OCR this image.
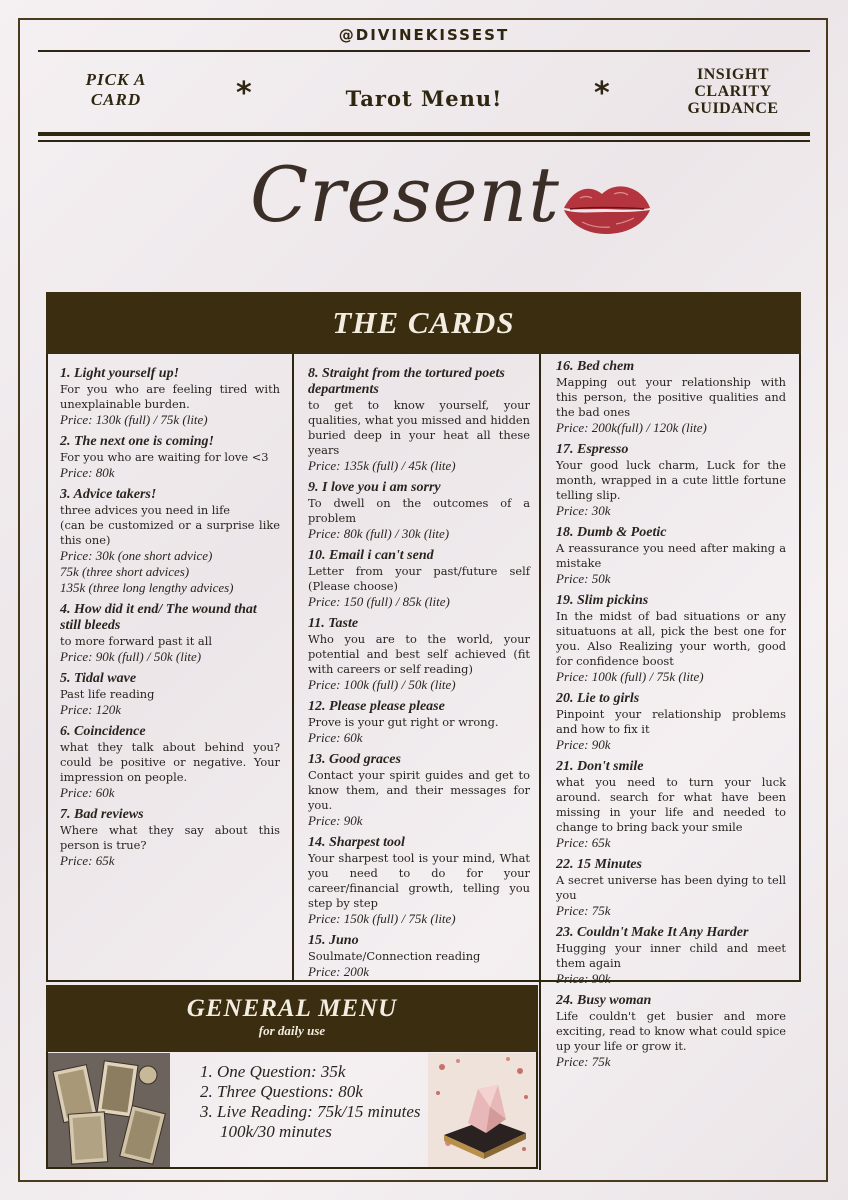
@DIVINEKISSEST
PICK A
CARD	*	Tarot Menu!	*
INSIGHT
CLARITY
GUIDANCE
Cresent
THE CARDS
1. Light yourself up!
For you who are feeling tired with unexplainable burden.
Price: 130k (full) / 75k (lite)
2. The next one is coming!
For you who are waiting for love <3
Price: 80k
3. Advice takers!
three advices you need in life
(can be customized or a surprise like this one)
Price: 30k (one short advice)
75k (three short advices)
135k (three long lengthy advices)
4. How did it end/ The wound that still bleeds
to more forward past it all
Price: 90k (full) / 50k (lite)
5. Tidal wave
Past life reading
Price: 120k
6. Coincidence
what they talk about behind you? could be positive or negative. Your impression on people.
Price: 60k
7. Bad reviews
Where what they say about this person is true?
Price: 65k
8. Straight from the tortured poets departments
to get to know yourself, your qualities, what you missed and hidden buried deep in your heat all these years
Price: 135k (full) / 45k (lite)
9. I love you i am sorry
To dwell on the outcomes of a problem
Price: 80k (full) / 30k (lite)
10. Email i can't send
Letter from your past/future self (Please choose)
Price: 150 (full) / 85k (lite)
11. Taste
Who you are to the world, your potential and best self achieved (fit with careers or self reading)
Price: 100k (full) / 50k (lite)
12. Please please please
Prove is your gut right or wrong.
Price: 60k
13. Good graces
Contact your spirit guides and get to know them, and their messages for you.
Price: 90k
14. Sharpest tool
Your sharpest tool is your mind, What you need to do for your career/financial growth, telling you step by step
Price: 150k (full) / 75k (lite)
15. Juno
Soulmate/Connection reading
Price: 200k
16. Bed chem
Mapping out your relationship with this person, the positive qualities and the bad ones
Price: 200k(full) / 120k (lite)
17. Espresso
Your good luck charm, Luck for the month, wrapped in a cute little fortune telling slip.
Price: 30k
18. Dumb & Poetic
A reassurance you need after making a mistake
Price: 50k
19. Slim pickins
In the midst of bad situations or any situatuons at all, pick the best one for you. Also Realizing your worth, good for confidence boost
Price: 100k (full) / 75k (lite)
20. Lie to girls
Pinpoint your relationship problems and how to fix it
Price: 90k
21. Don't smile
what you need to turn your luck around. search for what have been missing in your life and needed to change to bring back your smile
Price: 65k
22. 15 Minutes
A secret universe has been dying to tell you
Price: 75k
23. Couldn't Make It Any Harder
Hugging your inner child and meet them again
Price: 90k
24. Busy woman
Life couldn't get busier and more exciting, read to know what could spice up your life or grow it.
Price: 75k
GENERAL MENU
for daily use
1. One Question: 35k
2. Three Questions: 80k
3. Live Reading: 75k/15 minutes
100k/30 minutes
